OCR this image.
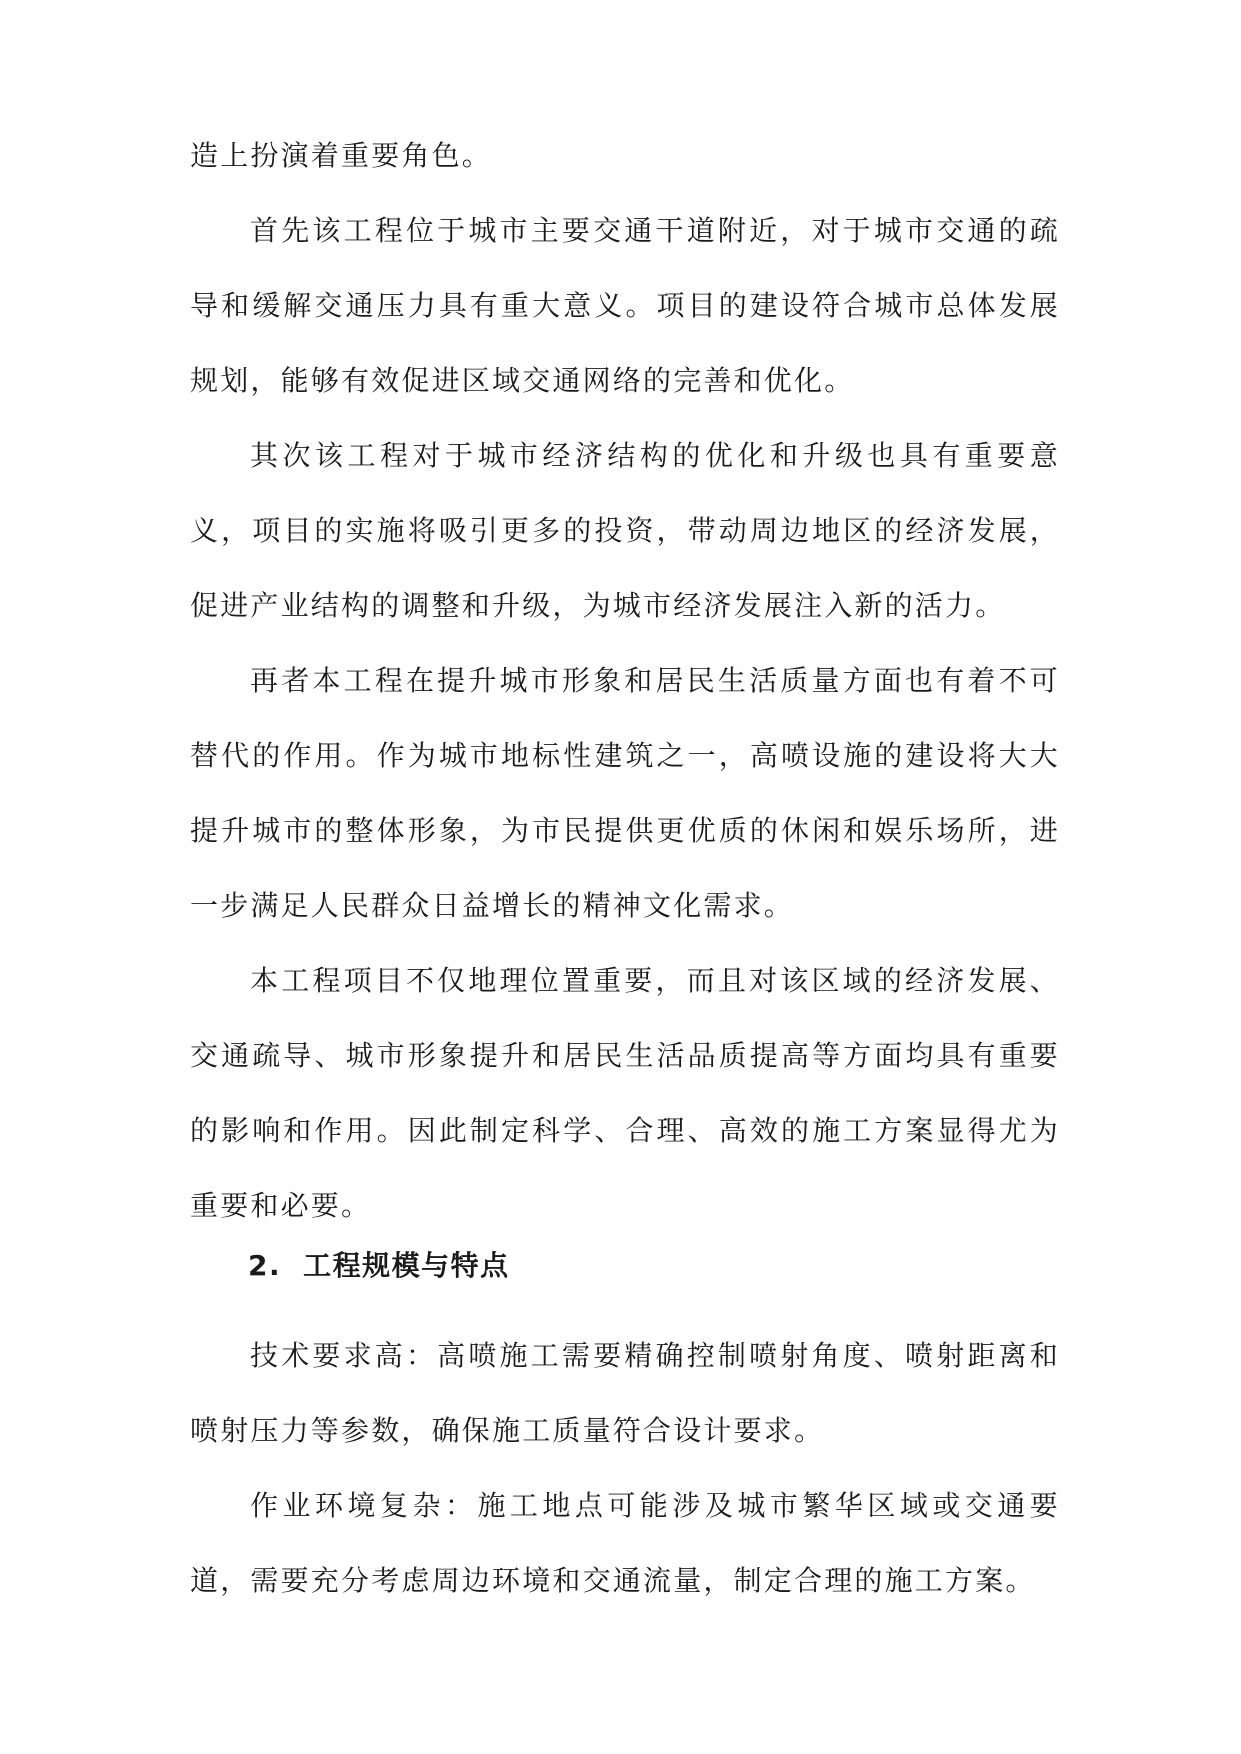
造上扮演着重要角色。

首先该工程位于城市主要交通干道附近，对于城市交通的疏导和缓解交通压力具有重大意义。项目的建设符合城市总体发展规划，能够有效促进区域交通网络的完善和优化。

其次该工程对于城市经济结构的优化和升级也具有重要意义，项目的实施将吸引更多的投资，带动周边地区的经济发展，促进产业结构的调整和升级，为城市经济发展注入新的活力。

再者本工程在提升城市形象和居民生活质量方面也有着不可替代的作用。作为城市地标性建筑之一，高喷设施的建设将大大提升城市的整体形象，为市民提供更优质的休闲和娱乐场所，进一步满足人民群众日益增长的精神文化需求。

本工程项目不仅地理位置重要，而且对该区域的经济发展、交通疏导、城市形象提升和居民生活品质提高等方面均具有重要的影响和作用。因此制定科学、合理、高效的施工方案显得尤为重要和必要。

2. 工程规模与特点

技术要求高：高喷施工需要精确控制喷射角度、喷射距离和喷射压力等参数，确保施工质量符合设计要求。

作业环境复杂：施工地点可能涉及城市繁华区域或交通要道，需要充分考虑周边环境和交通流量，制定合理的施工方案。
